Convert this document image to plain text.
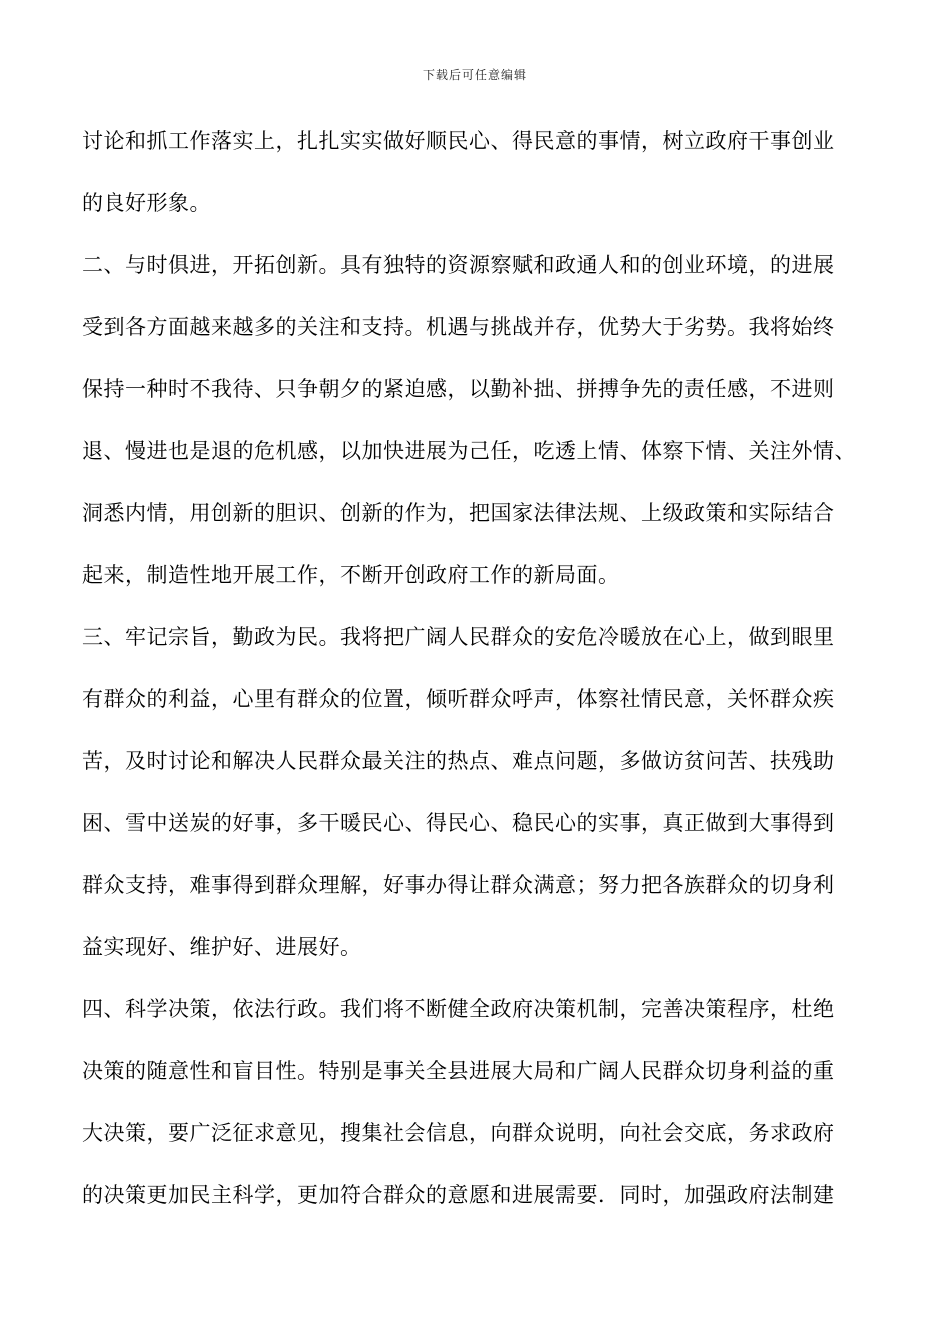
下载后可任意编辑
讨论和抓工作落实上，扎扎实实做好顺民心、得民意的事情，树立政府干事创业
的良好形象。
二、与时俱进，开拓创新。具有独特的资源察赋和政通人和的创业环境，的进展
受到各方面越来越多的关注和支持。机遇与挑战并存，优势大于劣势。我将始终
保持一种时不我待、只争朝夕的紧迫感，以勤补拙、拼搏争先的责任感，不进则
退、慢进也是退的危机感，以加快进展为己任，吃透上情、体察下情、关注外情、
洞悉内情，用创新的胆识、创新的作为，把国家法律法规、上级政策和实际结合
起来，制造性地开展工作，不断开创政府工作的新局面。
三、牢记宗旨，勤政为民。我将把广阔人民群众的安危冷暖放在心上，做到眼里
有群众的利益，心里有群众的位置，倾听群众呼声，体察社情民意，关怀群众疾
苦，及时讨论和解决人民群众最关注的热点、难点问题，多做访贫问苦、扶残助
困、雪中送炭的好事，多干暖民心、得民心、稳民心的实事，真正做到大事得到
群众支持，难事得到群众理解，好事办得让群众满意；努力把各族群众的切身利
益实现好、维护好、进展好。
四、科学决策，依法行政。我们将不断健全政府决策机制，完善决策程序，杜绝
决策的随意性和盲目性。特别是事关全县进展大局和广阔人民群众切身利益的重
大决策，要广泛征求意见，搜集社会信息，向群众说明，向社会交底，务求政府
的决策更加民主科学，更加符合群众的意愿和进展需要．同时，加强政府法制建
